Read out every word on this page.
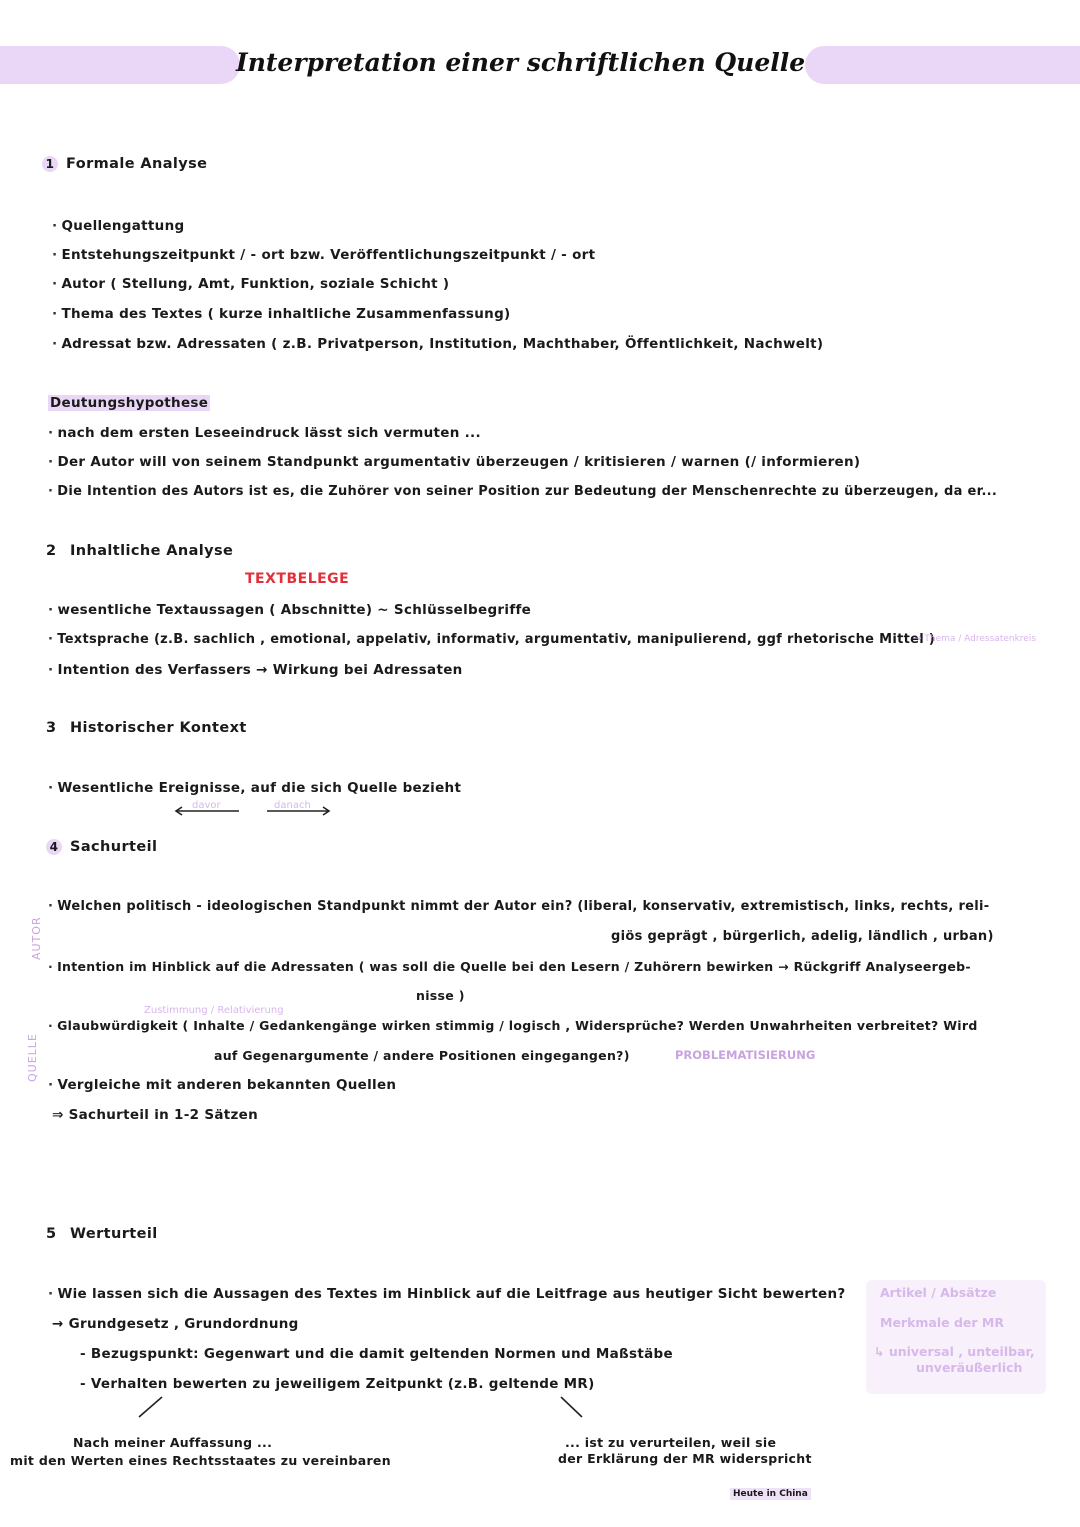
Interpretation einer schriftlichen Quelle
1 Formale Analyse
· Quellengattung
· Entstehungszeitpunkt / - ort bzw. Veröffentlichungszeitpunkt / - ort
· Autor ( Stellung, Amt, Funktion, soziale Schicht )
· Thema des Textes ( kurze inhaltliche Zusammenfassung)
· Adressat bzw. Adressaten ( z.B. Privatperson, Institution, Machthaber, Öffentlichkeit, Nachwelt)
Deutungshypothese
· nach dem ersten Leseeindruck lässt sich vermuten ...
· Der Autor will von seinem Standpunkt argumentativ überzeugen / kritisieren / warnen (/ informieren)
· Die Intention des Autors ist es, die Zuhörer von seiner Position zur Bedeutung der Menschenrechte zu überzeugen, da er...
2 Inhaltliche Analyse
TEXTBELEGE
· wesentliche Textaussagen ( Abschnitte) ~ Schlüsselbegriffe
· Textsprache (z.B. sachlich , emotional, appelativ, informativ, argumentativ, manipulierend, ggf rhetorische Mittel )
→ Thema / Adressatenkreis
· Intention des Verfassers → Wirkung bei Adressaten
3 Historischer Kontext
· Wesentliche Ereignisse, auf die sich Quelle bezieht
davor	danach
4 Sachurteil
AUTOR
QUELLE
· Welchen politisch - ideologischen Standpunkt nimmt der Autor ein? (liberal, konservativ, extremistisch, links, rechts, reli-
giös geprägt , bürgerlich, adelig, ländlich , urban)
· Intention im Hinblick auf die Adressaten ( was soll die Quelle bei den Lesern / Zuhörern bewirken → Rückgriff Analyseergeb-
nisse )
Zustimmung / Relativierung
· Glaubwürdigkeit ( Inhalte / Gedankengänge wirken stimmig / logisch , Widersprüche? Werden Unwahrheiten verbreitet? Wird
auf Gegenargumente / andere Positionen eingegangen?)	PROBLEMATISIERUNG
· Vergleiche mit anderen bekannten Quellen
⇒ Sachurteil in 1-2 Sätzen
5 Werturteil
· Wie lassen sich die Aussagen des Textes im Hinblick auf die Leitfrage aus heutiger Sicht bewerten?
→ Grundgesetz , Grundordnung
- Bezugspunkt: Gegenwart und die damit geltenden Normen und Maßstäbe
- Verhalten bewerten zu jeweiligem Zeitpunkt (z.B. geltende MR)
Nach meiner Auffassung ...
mit den Werten eines Rechtsstaates zu vereinbaren
... ist zu verurteilen, weil sie
der Erklärung der MR widerspricht
Artikel / Absätze
Merkmale der MR
↳ universal , unteilbar,
unveräußerlich
Heute in China
